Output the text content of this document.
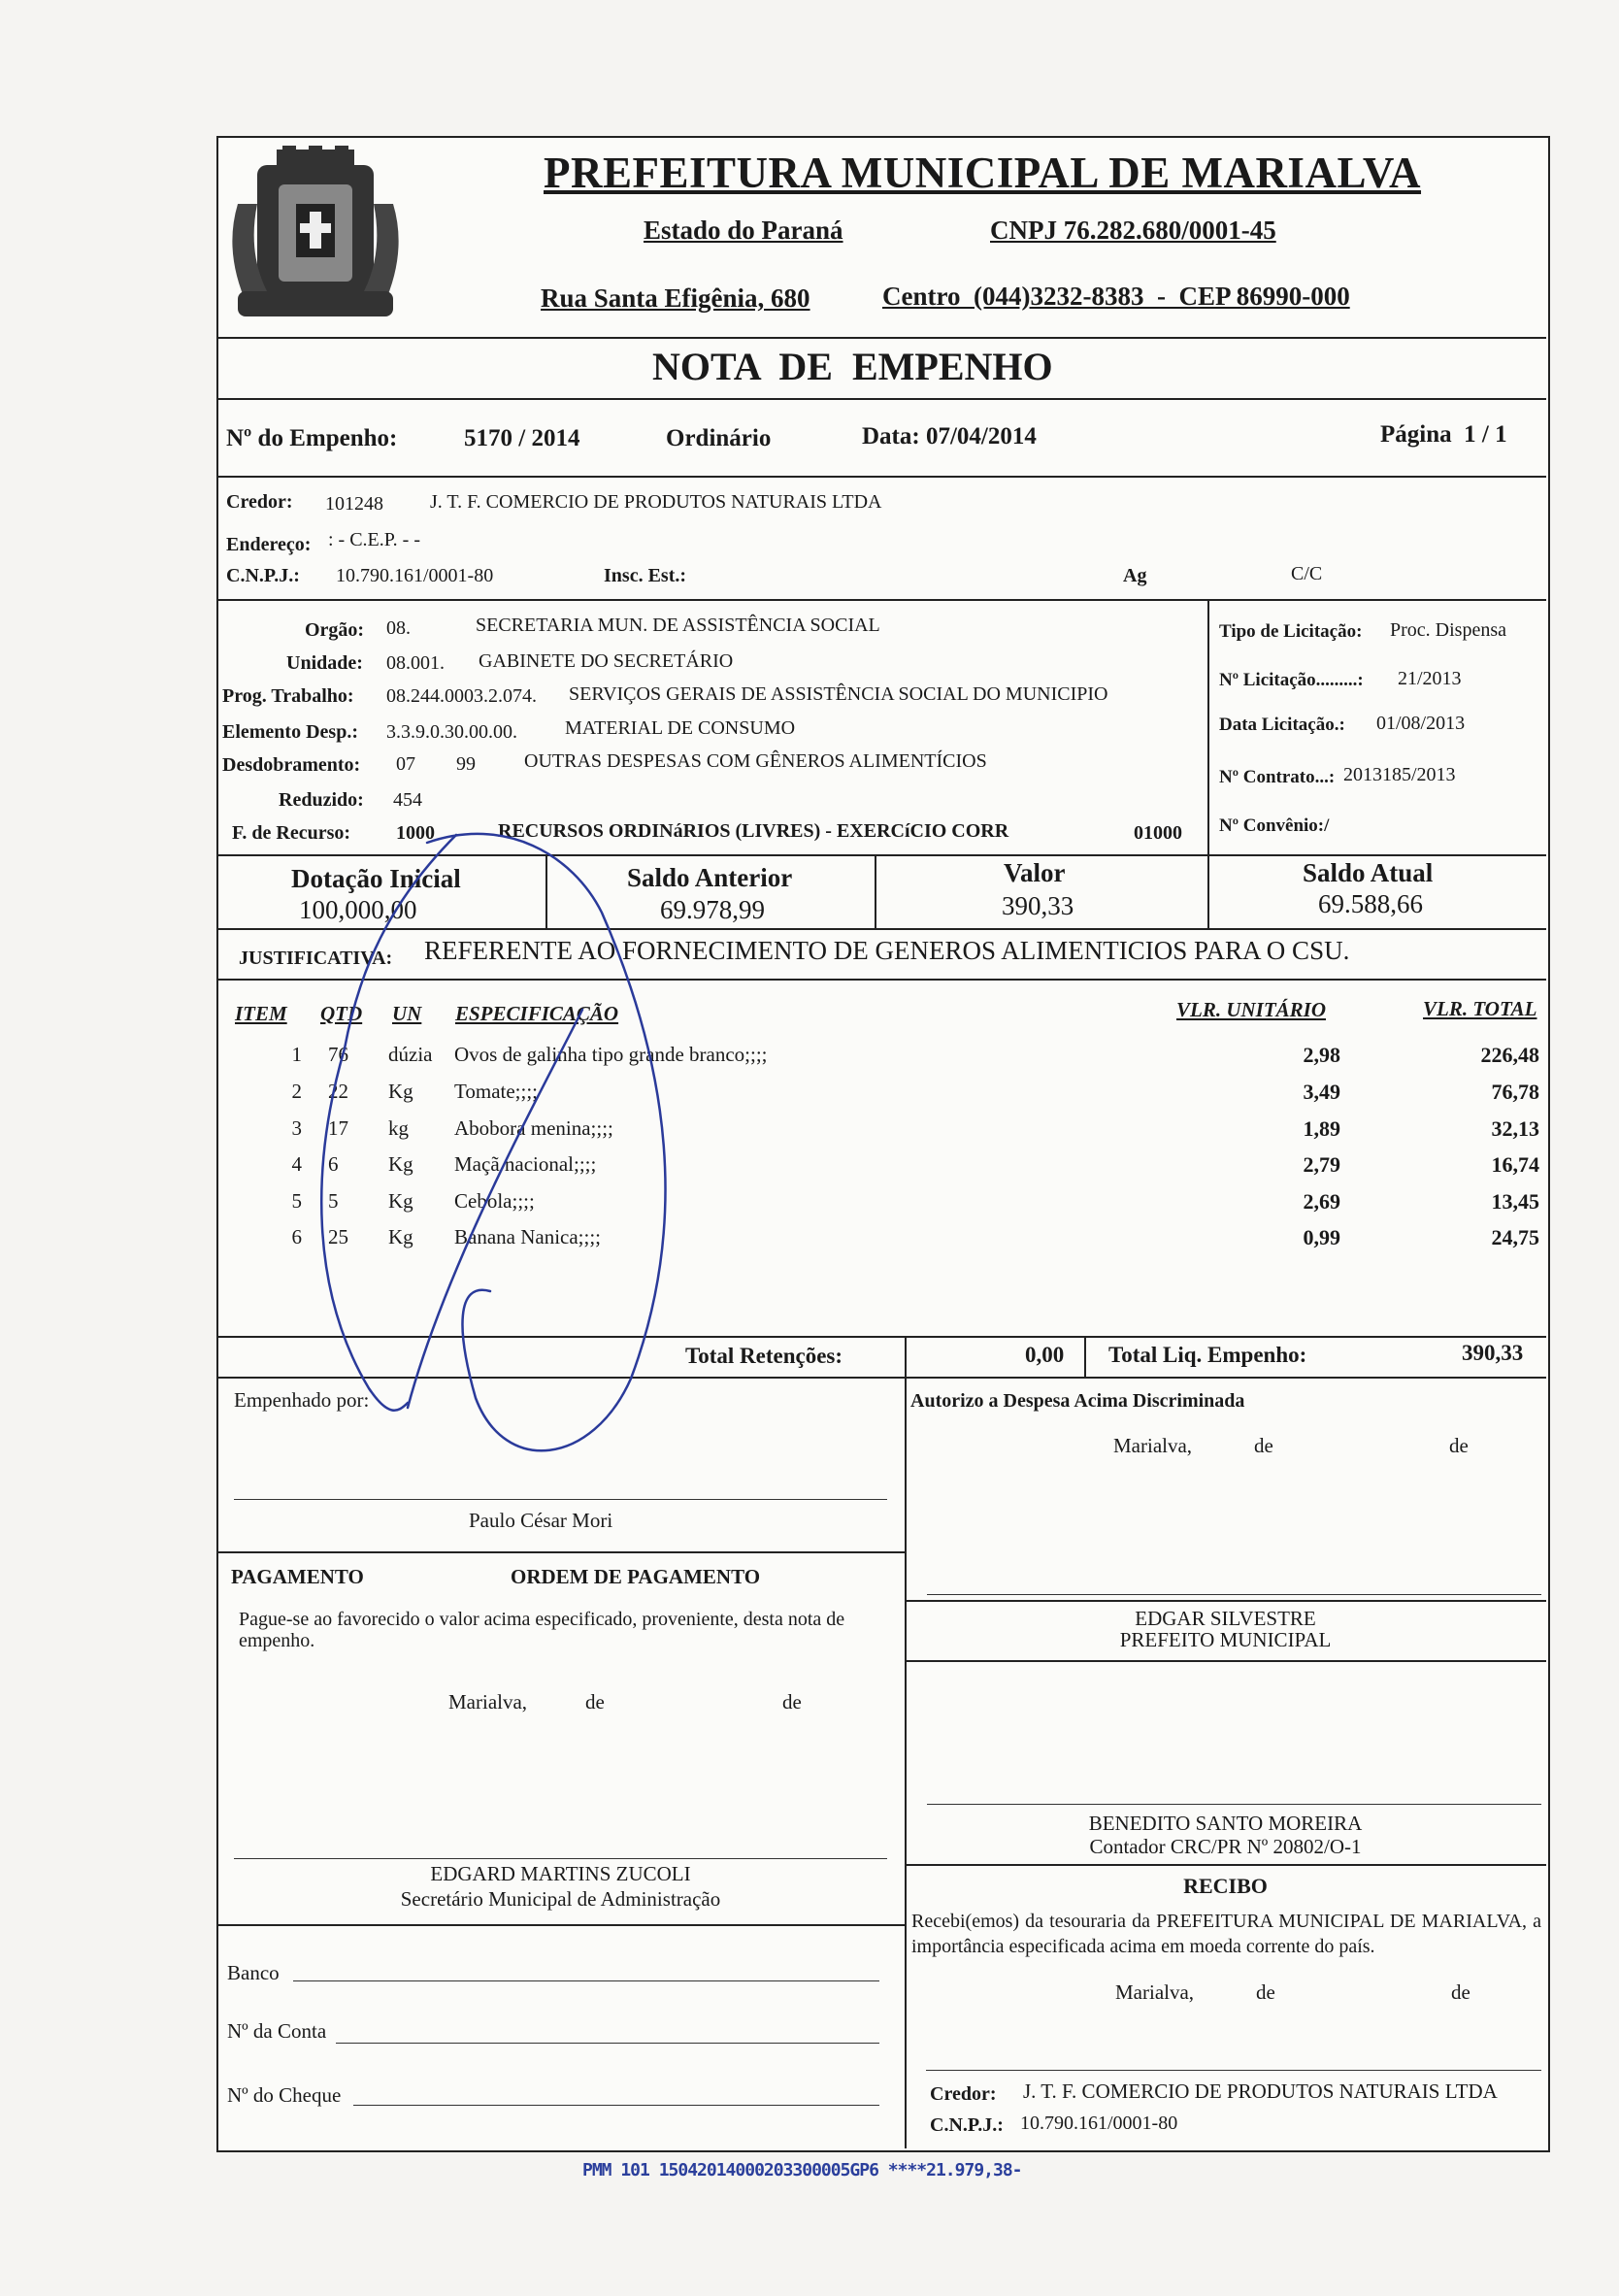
PREFEITURA MUNICIPAL DE MARIALVA
Estado do Paraná	CNPJ 76.282.680/0001-45
Rua Santa Efigênia, 680	Centro  (044)3232-8383  -  CEP 86990-000
NOTA  DE  EMPENHO
Nº do Empenho:	5170 / 2014	Ordinário	Data: 07/04/2014	Página  1 / 1
Credor: 101248 J. T. F. COMERCIO DE PRODUTOS NATURAIS LTDA
Endereço: : - C.E.P. - -
C.N.P.J.: 10.790.161/0001-80	Insc. Est.:	Ag	C/C
Orgão: 08.	SECRETARIA MUN. DE ASSISTÊNCIA SOCIAL
Unidade: 08.001. GABINETE DO SECRETÁRIO
Prog. Trabalho: 08.244.0003.2.074. SERVIÇOS GERAIS DE ASSISTÊNCIA SOCIAL DO MUNICIPIO
Elemento Desp.: 3.3.9.0.30.00.00. MATERIAL DE CONSUMO
Desdobramento: 07 99	OUTRAS DESPESAS COM GÊNEROS ALIMENTÍCIOS
Reduzido: 454
F. de Recurso: 1000	RECURSOS ORDINáRIOS (LIVRES) - EXERCíCIO CORR	01000
Tipo de Licitação: Proc. Dispensa
Nº Licitação.........: 21/2013
Data Licitação.: 01/08/2013
Nº Contrato...: 2013185/2013
Nº Convênio:/
Dotação Inicial
100,000,00
Saldo Anterior
69.978,99
Valor
390,33
Saldo Atual
69.588,66
JUSTIFICATIVA: REFERENTE AO FORNECIMENTO DE GENEROS ALIMENTICIOS PARA O CSU.
ITEM QTD UN ESPECIFICAÇÃO	VLR. UNITÁRIO	VLR. TOTAL
1 76 dúzia Ovos de galinha tipo grande branco;;;;	2,98	226,48
2 22 Kg Tomate;;;;	3,49	76,78
3 17 kg Abobora menina;;;;	1,89	32,13
4 6 Kg Maçã nacional;;;;	2,79	16,74
5 5 Kg Cebola;;;;	2,69	13,45
6 25 Kg Banana Nanica;;;;	0,99	24,75
Total Retenções:	0,00 Total Liq. Empenho:	390,33
Empenhado por:
Paulo César Mori
PAGAMENTO	ORDEM DE PAGAMENTO
Pague-se ao favorecido o valor acima especificado, proveniente, desta nota de empenho.
Marialva,	de	de
EDGARD MARTINS ZUCOLI
Secretário Municipal de Administração
Banco
Nº da Conta
Nº do Cheque
Autorizo a Despesa Acima Discriminada
Marialva,	de	de
EDGAR SILVESTRE
PREFEITO MUNICIPAL
BENEDITO SANTO MOREIRA
Contador CRC/PR Nº 20802/O-1
RECIBO
Recebi(emos) da tesouraria da PREFEITURA MUNICIPAL DE MARIALVA, a importância especificada acima em moeda corrente do país.
Marialva,	de	de
Credor: J. T. F. COMERCIO DE PRODUTOS NATURAIS LTDA
C.N.P.J.: 10.790.161/0001-80
PMM 101 15042014000203300005GP6 ****21.979,38-
